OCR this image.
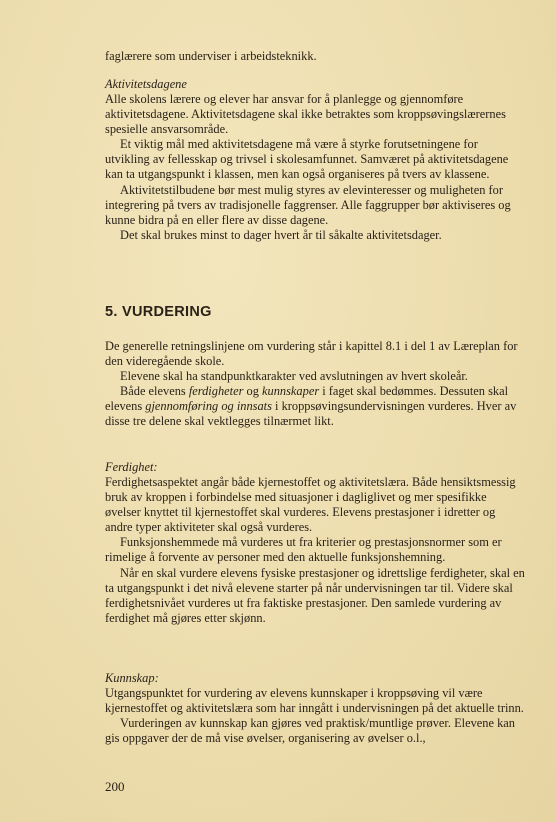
faglærere som underviser i arbeidsteknikk.

Aktivitetsdagene

Alle skolens lærere og elever har ansvar for å planlegge og gjennomføre aktivitetsdagene. Aktivitetsdagene skal ikke betraktes som kroppsøvingslærernes spesielle ansvarsområde.

Et viktig mål med aktivitetsdagene må være å styrke forutsetningene for utvikling av fellesskap og trivsel i skolesamfunnet. Samværet på aktivitetsdagene kan ta utgangspunkt i klassen, men kan også organiseres på tvers av klassene.

Aktivitetstilbudene bør mest mulig styres av elevinteresser og muligheten for integrering på tvers av tradisjonelle faggrenser. Alle faggrupper bør aktiviseres og kunne bidra på en eller flere av disse dagene.

Det skal brukes minst to dager hvert år til såkalte aktivitetsdager.

5. VURDERING

De generelle retningslinjene om vurdering står i kapittel 8.1 i del 1 av Læreplan for den videregående skole.

Elevene skal ha standpunktkarakter ved avslutningen av hvert skoleår.

Både elevens ferdigheter og kunnskaper i faget skal bedømmes. Dessuten skal elevens gjennomføring og innsats i kroppsøvingsundervisningen vurderes. Hver av disse tre delene skal vektlegges tilnærmet likt.

Ferdighet:

Ferdighetsaspektet angår både kjernestoffet og aktivitetslæra. Både hensiktsmessig bruk av kroppen i forbindelse med situasjoner i dagliglivet og mer spesifikke øvelser knyttet til kjernestoffet skal vurderes. Elevens prestasjoner i idretter og andre typer aktiviteter skal også vurderes.

Funksjonshemmede må vurderes ut fra kriterier og prestasjonsnormer som er rimelige å forvente av personer med den aktuelle funksjonshemning.

Når en skal vurdere elevens fysiske prestasjoner og idrettslige ferdigheter, skal en ta utgangspunkt i det nivå elevene starter på når undervisningen tar til. Videre skal ferdighetsnivået vurderes ut fra faktiske prestasjoner. Den samlede vurdering av ferdighet må gjøres etter skjønn.

Kunnskap:

Utgangspunktet for vurdering av elevens kunnskaper i kroppsøving vil være kjernestoffet og aktivitetslæra som har inngått i undervisningen på det aktuelle trinn.

Vurderingen av kunnskap kan gjøres ved praktisk/muntlige prøver. Elevene kan gis oppgaver der de må vise øvelser, organisering av øvelser o.l.,

200
